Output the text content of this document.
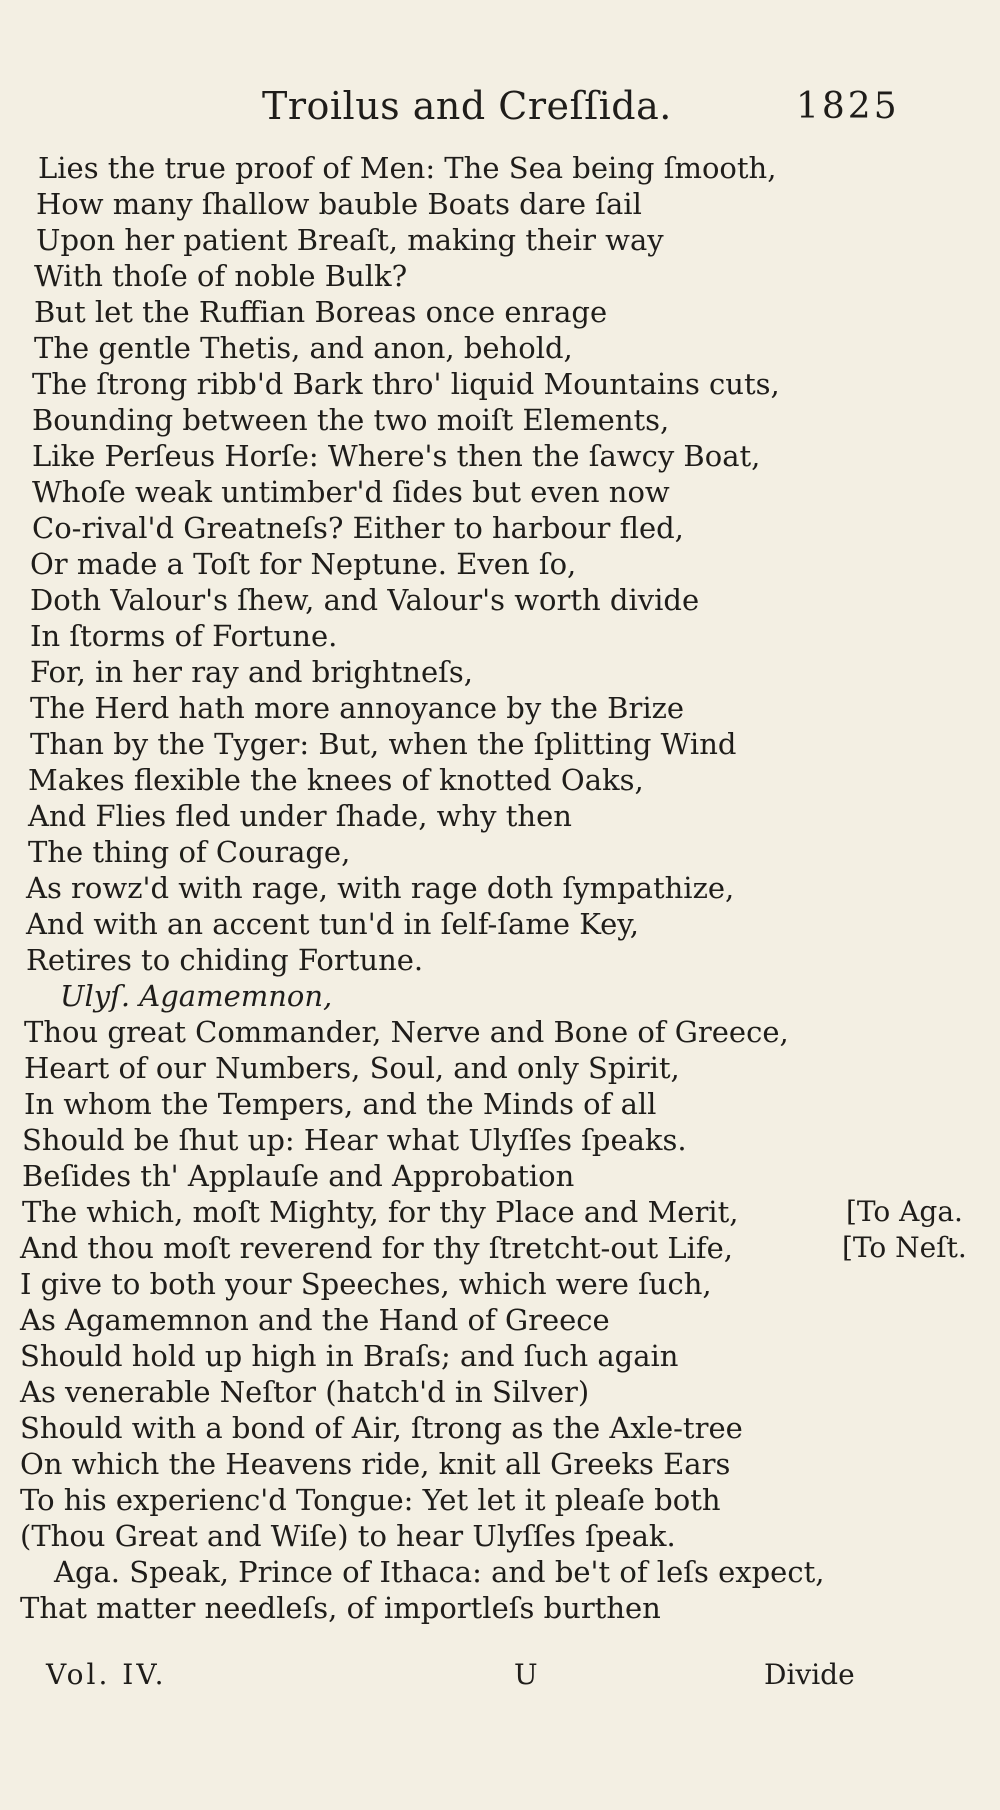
Troilus and Creſſida.	1825
Lies the true proof of Men: The Sea being ſmooth,
How many ſhallow bauble Boats dare ſail
Upon her patient Breaſt, making their way
With thoſe of noble Bulk?
But let the Ruffian Boreas once enrage
The gentle Thetis, and anon, behold,
The ſtrong ribb'd Bark thro' liquid Mountains cuts,
Bounding between the two moiſt Elements,
Like Perſeus Horſe: Where's then the ſawcy Boat,
Whoſe weak untimber'd ſides but even now
Co-rival'd Greatneſs? Either to harbour fled,
Or made a Toſt for Neptune. Even ſo,
Doth Valour's ſhew, and Valour's worth divide
In ſtorms of Fortune.
For, in her ray and brightneſs,
The Herd hath more annoyance by the Brize
Than by the Tyger: But, when the ſplitting Wind
Makes flexible the knees of knotted Oaks,
And Flies fled under ſhade, why then
The thing of Courage,
As rowz'd with rage, with rage doth ſympathize,
And with an accent tun'd in ſelf-ſame Key,
Retires to chiding Fortune.
Ulyſ. Agamemnon,
Thou great Commander, Nerve and Bone of Greece,
Heart of our Numbers, Soul, and only Spirit,
In whom the Tempers, and the Minds of all
Should be ſhut up: Hear what Ulyſſes ſpeaks.
Beſides th' Applauſe and Approbation
The which, moſt Mighty, for thy Place and Merit,
And thou moſt reverend for thy ſtretcht-out Life,
I give to both your Speeches, which were ſuch,
As Agamemnon and the Hand of Greece
Should hold up high in Braſs; and ſuch again
As venerable Neſtor (hatch'd in Silver)
Should with a bond of Air, ſtrong as the Axle-tree
On which the Heavens ride, knit all Greeks Ears
To his experienc'd Tongue: Yet let it pleaſe both
(Thou Great and Wiſe) to hear Ulyſſes ſpeak.
Aga. Speak, Prince of Ithaca: and be't of leſs expect,
That matter needleſs, of importleſs burthen
[To Aga.
[To Neſt.
Vol. IV.	U	Divide
